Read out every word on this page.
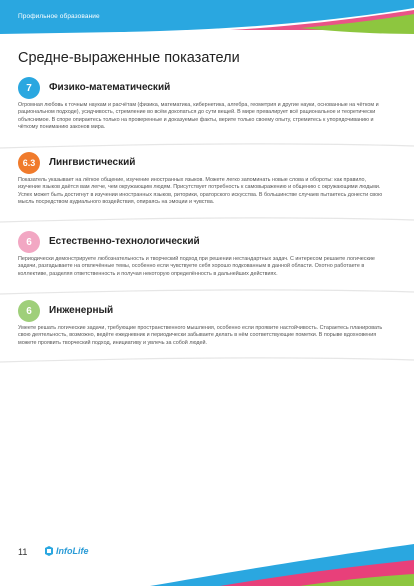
Профильное образование
Средне-выраженные показатели
7	Физико-математический
Огромная любовь к точным наукам и расчётам (физика, математика, кибернетика, алгебра, геометрия и другие науки, основанные на чётком и рациональном подходе), усидчивость, стремление во всём докопаться до сути вещей. В мире превалирует всё рациональное и теоретически объяснимое. В споре опираетесь только на проверенные и доказуемые факты, верите только своему опыту, стремитесь к упорядочиванию и чёткому пониманию законов мира.
6.3	Лингвистический
Показатель указывает на лёгкое общение, изучение иностранных языков. Можете легко запоминать новые слова и обороты: как правило, изучение языков даётся вам легче, чем окружающим людям. Присутствует потребность к самовыражению и общению с окружающими людьми. Успех может быть достигнут в изучении иностранных языков, риторики, ораторского искусства. В большинстве случаев пытаетесь донести свою мысль посредством аудиального воздействия, опираясь на эмоции и чувства.
6	Естественно-технологический
Периодически демонстрируете любознательность и творческий подход при решении нестандартных задач. С интересом решаете логические задачи, разгадываете на отвлечённые темы, особенно если чувствуете себя хорошо подкованным в данной области. Охотно работаете в коллективе, разделяя ответственность и получая некоторую определённость в дальнейших действиях.
6	Инженерный
Умеете решать логические задачи, требующие пространственного мышления, особенно если проявите настойчивость. Стараетесь планировать свою деятельность, возможно, ведёте ежедневник и периодически забываете делать в нём соответствующие пометки. В порыве вдохновения можете проявить творческий подход, инициативу и увлечь за собой людей.
11	InfoLife
